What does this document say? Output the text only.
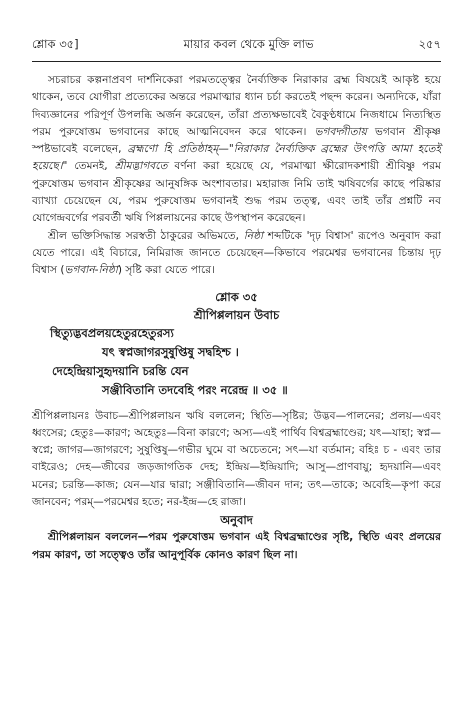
শ্লোক ৩৫]	মায়ার কবল থেকে মুক্তি লাভ	২৫৭

সচরাচর কল্পনাপ্রবণ দার্শনিকেরা পরমতত্ত্বের নৈর্ব্যক্তিক নিরাকার ব্রহ্ম বিষয়েই আকৃষ্ট হয়ে থাকেন, তবে যোগীরা প্রত্যেকের অন্তরে পরমাত্মার ধ্যান চর্চা করতেই পছন্দ করেন। অন্যদিকে, যাঁরা দিব্যজ্ঞানের পরিপূর্ণ উপলব্ধি অর্জন করেছেন, তাঁরা প্রত্যক্ষভাবেই বৈকুণ্ঠধামে নিজধামে নিত্যস্থিত পরম পুরুষোত্তম ভগবানের কাছে আত্মনিবেদন করে থাকেন। ভগবদ্গীতায় ভগবান শ্রীকৃষ্ণ স্পষ্টভাবেই বলেছেন, ব্রহ্মণো হি প্রতিষ্ঠাহম্—"নিরাকার নৈর্ব্যক্তিক ব্রহ্মের উৎপত্তি আমা হতেই হয়েছে।" তেমনই, শ্রীমদ্ভাগবতে বর্ণনা করা হয়েছে যে, পরমাত্মা ক্ষীরোদকশায়ী শ্রীবিষ্ণু পরম পুরুষোত্তম ভগবান শ্রীকৃষ্ণের আনুষঙ্গিক অংশাবতার। মহারাজ নিমি তাই ঋষিবর্গের কাছে পরিষ্কার ব্যাখ্যা চেয়েছেন যে, পরম পুরুষোত্তম ভগবানই শুদ্ধ পরম তত্ত্ব, এবং তাই তাঁর প্রশ্নটি নব যোগেন্দ্রবর্গের পরবর্তী ঋষি পিপ্পলায়নের কাছে উপস্থাপন করেছেন।

শ্রীল ভক্তিসিদ্ধান্ত সরস্বতী ঠাকুরের অভিমতে, নিষ্ঠা শব্দটিকে 'দৃঢ় বিশ্বাস' রূপেও অনুবাদ করা যেতে পারে। এই বিচারে, নিমিরাজ জানতে চেয়েছেন—কিভাবে পরমেশ্বর ভগবানের চিন্তায় দৃঢ় বিশ্বাস (ভগবান-নিষ্ঠা) সৃষ্টি করা যেতে পারে।

শ্লোক ৩৫
শ্রীপিপ্পলায়ন উবাচ
স্থিত্যুদ্ভবপ্রলয়হেতুরহেতুরস্য
যৎ স্বপ্নজাগরসুষুপ্তিষু সদ্বহিশ্চ ।
দেহেন্দ্রিয়াসুহৃদয়ানি চরন্তি যেন
সঞ্জীবিতানি তদবেহি পরং নরেন্দ্র ॥ ৩৫ ॥

শ্রীপিপ্পলায়নঃ উবাচ—শ্রীপিপ্পলায়ন ঋষি বললেন; স্থিতি—সৃষ্টির; উদ্ভব—পালনের; প্রলয়—এবং ধ্বংসের; হেতুঃ—কারণ; অহেতুঃ—বিনা কারণে; অস্য—এই পার্থিব বিশ্বব্রহ্মাণ্ডের; যৎ—যাহা; স্বপ্ন—স্বপ্নে; জাগর—জাগরণে; সুষুপ্তিষু—গভীর ঘুমে বা অচেতনে; সৎ—যা বর্তমান; বহিঃ চ - এবং তার বাইরেও; দেহ—জীবের জড়জাগতিক দেহ; ইন্দ্রিয়—ইন্দ্রিয়াদি; আসু—প্রাণবায়ু; হৃদয়ানি—এবং মনের; চরন্তি—কাজ; যেন—যার দ্বারা; সঞ্জীবিতানি—জীবন দান; তৎ—তাকে; অবেহি—কৃপা করে জানবেন; পরম্—পরমেশ্বর হতে; নর-ইন্দ্র—হে রাজা।

অনুবাদ

শ্রীপিপ্পলায়ন বললেন—পরম পুরুষোত্তম ভগবান এই বিশ্বব্রহ্মাণ্ডের সৃষ্টি, স্থিতি এবং প্রলয়ের পরম কারণ, তা সত্ত্বেও তাঁর আনুপূর্বিক কোনও কারণ ছিল না।
